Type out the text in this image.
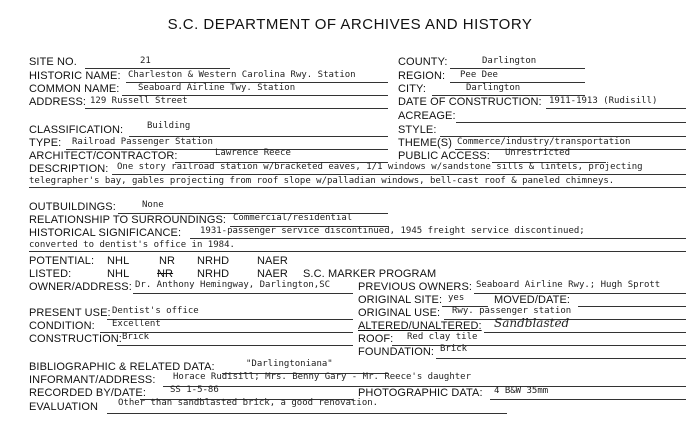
S.C. DEPARTMENT OF ARCHIVES AND HISTORY
SITE NO.	21	COUNTY:	Darlington
HISTORIC NAME: Charleston & Western Carolina Rwy. Station	REGION: Pee Dee
COMMON NAME: Seaboard Airline Twy. Station	CITY:	Darlington
ADDRESS: 129 Russell Street	DATE OF CONSTRUCTION: 1911-1913 (Rudisill)
ACREAGE:
CLASSIFICATION:	Building	STYLE:
TYPE: Railroad Passenger Station	THEME(S) Commerce/industry/transportation
ARCHITECT/CONTRACTOR:	Lawrence Reece	PUBLIC ACCESS: Unrestricted
DESCRIPTION: One story railroad station w/bracketed eaves, 1/1 windows w/sandstone sills & lintels, projecting
telegrapher's bay, gables projecting from roof slope w/palladian windows, bell-cast roof & paneled chimneys.
OUTBUILDINGS:	None
RELATIONSHIP TO SURROUNDINGS: Commercial/residential
HISTORICAL SIGNIFICANCE: 1931-passenger service discontinued, 1945 freight service discontinued;
converted to dentist's office in 1984.
POTENTIAL: NHL	NR NRHD	NAER
LISTED:	NHL	NR NRHD	NAER S.C. MARKER PROGRAM
OWNER/ADDRESS: Dr. Anthony Hemingway, Darlington,SC	PREVIOUS OWNERS: Seaboard Airline Rwy.; Hugh Sprott
ORIGINAL SITE: yes	MOVED/DATE:
PRESENT USE: Dentist's office	ORIGINAL USE: Rwy. passenger station
CONDITION: Excellent	ALTERED/UNALTERED: Sandblasted
CONSTRUCTION: Brick	ROOF: Red clay tile
FOUNDATION: Brick
BIBLIOGRAPHIC & RELATED DATA:	"Darlingtoniana"
INFORMANT/ADDRESS: Horace Rudisill; Mrs. Benny Gary - Mr. Reece's daughter
RECORDED BY/DATE:	SS 1-5-86	PHOTOGRAPHIC DATA: 4 B&W 35mm
EVALUATION Other than sandblasted brick, a good renovation.
